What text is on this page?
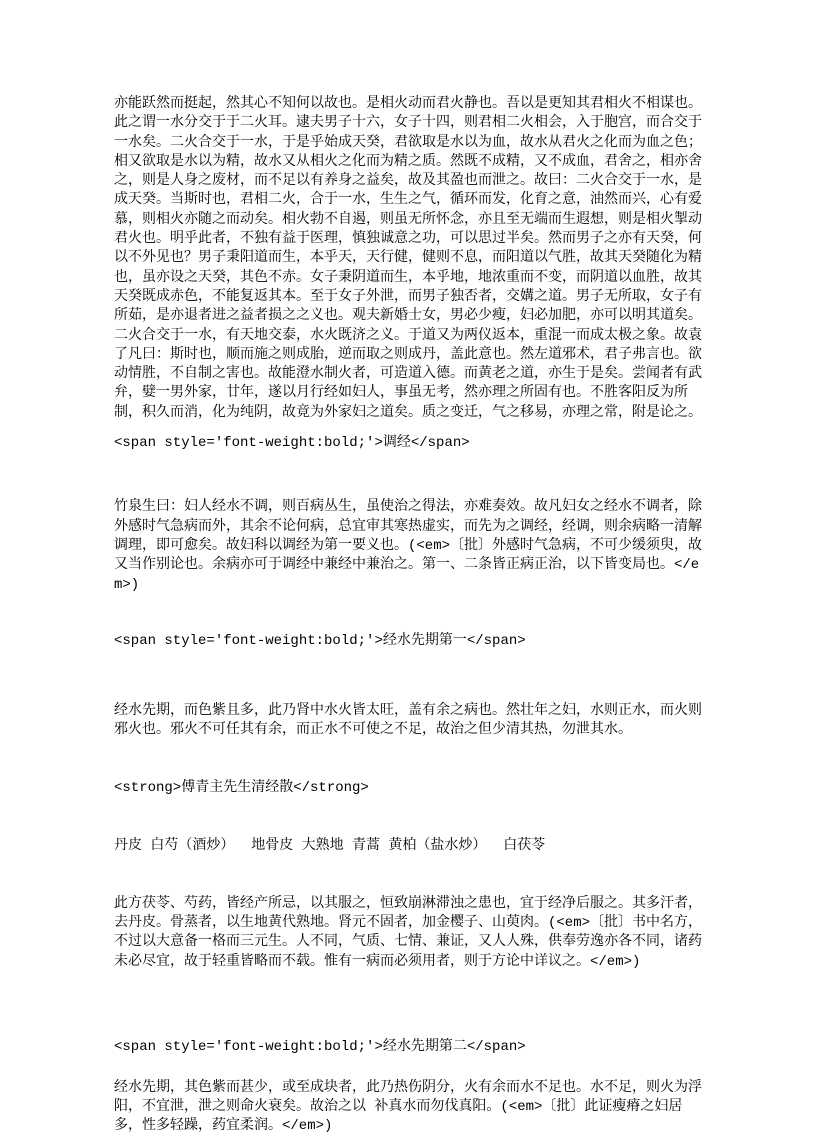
亦能跃然而挺起，然其心不知何以故也。是相火动而君火静也。吾以是更知其君相火不相谋也。此之谓一水分交于于二火耳。逮夫男子十六，女子十四，则君相二火相会，入于胞宫，而合交于一水矣。二火合交于一水，于是乎始成天癸，君欲取是水以为血，故水从君火之化而为血之色；相又欲取是水以为精，故水又从相火之化而为精之质。然既不成精，又不成血，君舍之，相亦舍之，则是人身之废材，而不足以有养身之益矣，故及其盈也而泄之。故曰：二火合交于一水，是成天癸。当斯时也，君相二火，合于一水，生生之气，循环而发，化育之意，油然而兴，心有爱慕，则相火亦随之而动矣。相火勃不自遏，则虽无所怀念，亦且至无端而生遐想，则是相火掣动君火也。明乎此者，不独有益于医理，慎独诚意之功，可以思过半矣。然而男子之亦有天癸，何以不外见也？男子秉阳道而生，本乎天，天行健，健则不息，而阳道以气胜，故其天癸随化为精也，虽亦设之天癸，其色不赤。女子秉阴道而生，本乎地，地浓重而不变，而阴道以血胜，故其天癸既成赤色，不能复返其本。至于女子外泄，而男子独否者，交媾之道。男子无所取，女子有所茹，是亦退者进之益者损之之义也。观夫新婚士女，男必少瘦，妇必加肥，亦可以明其道矣。二火合交于一水，有天地交泰，水火既济之义。于道又为两仪返本，重混一而成太极之象。故袁了凡曰：斯时也，顺而施之则成胎，逆而取之则成丹，盖此意也。然左道邪术，君子弗言也。欲动情胜，不自制之害也。故能澄水制火者，可造道入德。而黄老之道，亦生于是矣。尝闻者有武弁，嬖一男外家，廿年，遂以月行经如妇人，事虽无考，然亦理之所固有也。不胜客阳反为所制，积久而消，化为纯阴，故竟为外家妇之道矣。质之变迁，气之移易，亦理之常，附是论之。

<span style='font-weight:bold;'>调经</span>

竹泉生曰：妇人经水不调，则百病丛生，虽使治之得法，亦难奏效。故凡妇女之经水不调者，除外感时气急病而外，其余不论何病，总宜审其寒热虚实，而先为之调经，经调，则余病略一清解调理，即可愈矣。故妇科以调经为第一要义也。(<em>〔批〕外感时气急病，不可少缓须臾，故又当作别论也。余病亦可于调经中兼经中兼治之。第一、二条皆正病正治，以下皆变局也。</em>)

<span style='font-weight:bold;'>经水先期第一</span>

经水先期，而色紫且多，此乃肾中水火皆太旺，盖有余之病也。然壮年之妇，水则正水，而火则邪火也。邪火不可任其有余，而正水不可使之不足，故治之但少清其热，勿泄其水。

<strong>傅青主先生清经散</strong>

丹皮 白芍（酒炒）  地骨皮 大熟地 青蒿 黄柏（盐水炒）  白茯苓

此方茯苓、芍药，皆经产所忌，以其服之，恒致崩淋滞浊之患也，宜于经净后服之。其多汗者，去丹皮。骨蒸者，以生地黄代熟地。肾元不固者，加金樱子、山萸肉。(<em>〔批〕书中名方，不过以大意备一格而三元生。人不同，气质、七情、兼证，又人人殊，供奉劳逸亦各不同，诸药未必尽宜，故于轻重皆略而不载。惟有一病而必须用者，则于方论中详议之。</em>)

<span style='font-weight:bold;'>经水先期第二</span>

经水先期，其色紫而甚少，或至成块者，此乃热伤阴分，火有余而水不足也。水不足，则火为浮阳，不宜泄，泄之则命火衰矣。故治之以 补真水而勿伐真阳。(<em>〔批〕此证瘦瘠之妇居多，性多轻躁，药宜柔润。</em>)
